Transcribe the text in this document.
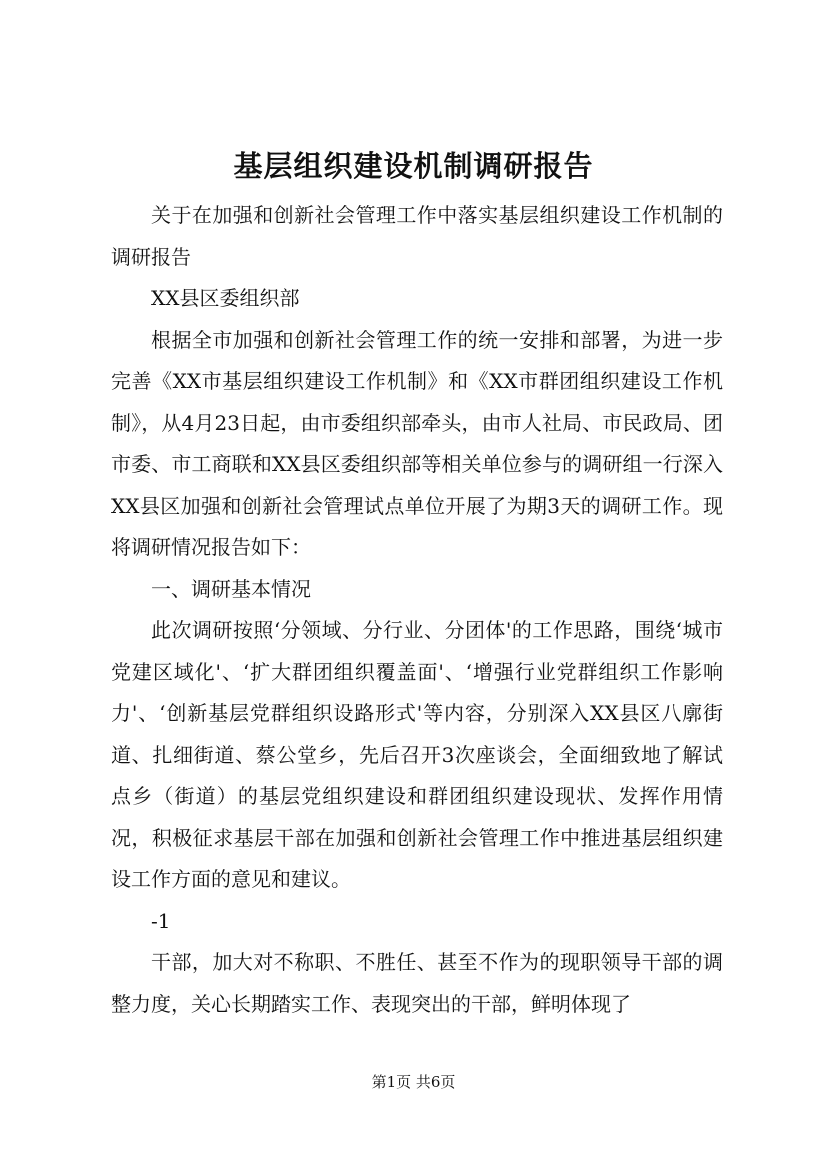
基层组织建设机制调研报告

关于在加强和创新社会管理工作中落实基层组织建设工作机制的调研报告

XX县区委组织部

根据全市加强和创新社会管理工作的统一安排和部署，为进一步完善《XX市基层组织建设工作机制》和《XX市群团组织建设工作机制》，从4月23日起，由市委组织部牵头，由市人社局、市民政局、团市委、市工商联和XX县区委组织部等相关单位参与的调研组一行深入XX县区加强和创新社会管理试点单位开展了为期3天的调研工作。现将调研情况报告如下：

一、调研基本情况

此次调研按照‘分领域、分行业、分团体'的工作思路，围绕‘城市党建区域化'、‘扩大群团组织覆盖面'、‘增强行业党群组织工作影响力'、‘创新基层党群组织设路形式'等内容，分别深入XX县区八廓街道、扎细街道、蔡公堂乡，先后召开3次座谈会，全面细致地了解试点乡（街道）的基层党组织建设和群团组织建设现状、发挥作用情况，积极征求基层干部在加强和创新社会管理工作中推进基层组织建设工作方面的意见和建议。

-1

干部，加大对不称职、不胜任、甚至不作为的现职领导干部的调整力度，关心长期踏实工作、表现突出的干部，鲜明体现了

第1页 共6页
